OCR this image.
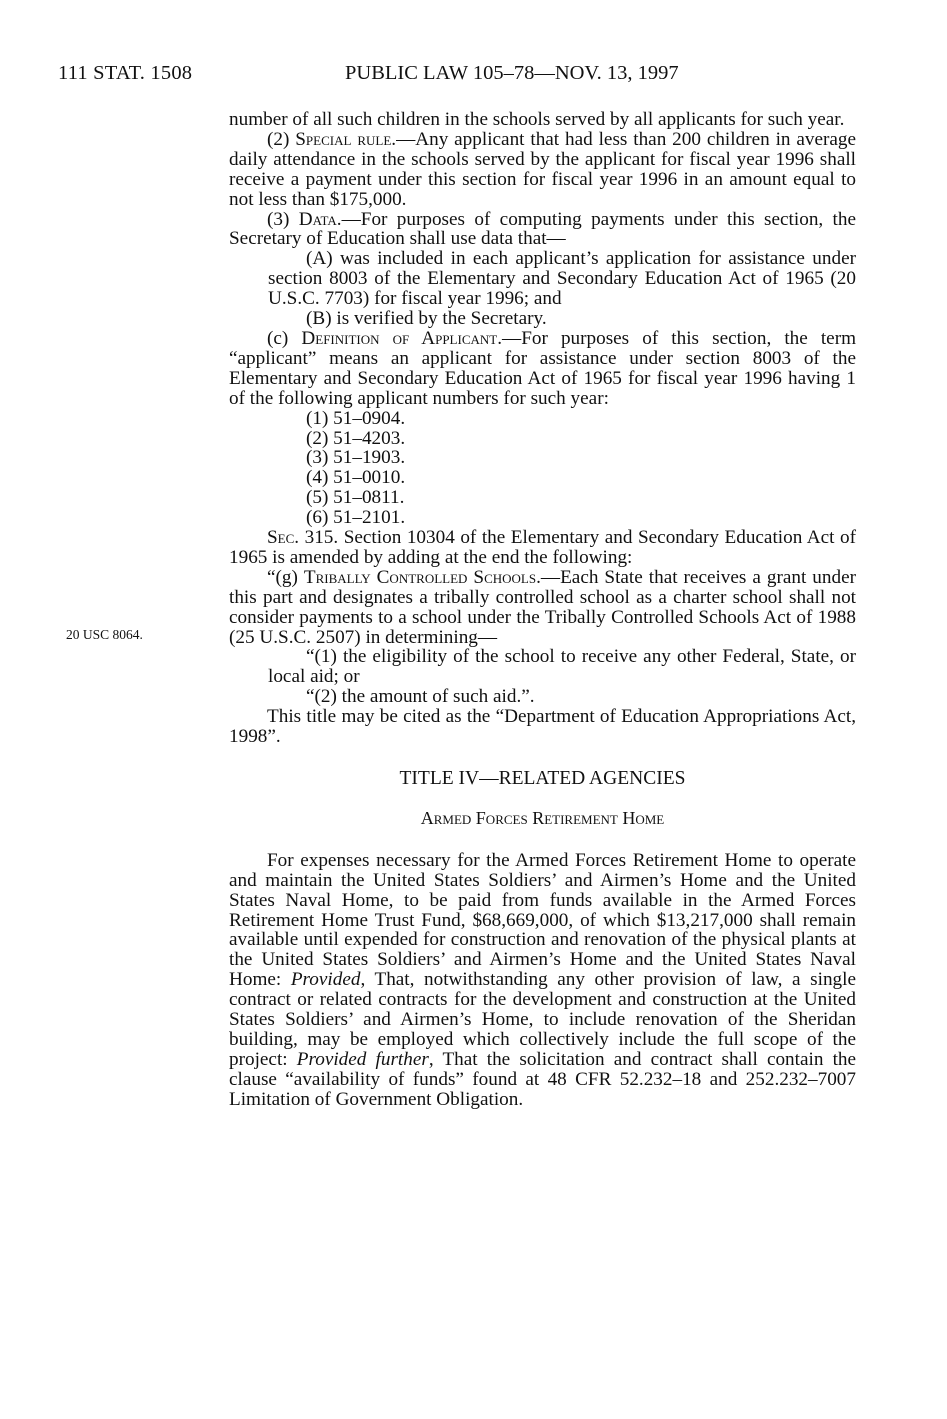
111 STAT. 1508	PUBLIC LAW 105–78—NOV. 13, 1997
20 USC 8064.

number of all such children in the schools served by all applicants for such year.

(2) Special rule.—Any applicant that had less than 200 children in average daily attendance in the schools served by the applicant for fiscal year 1996 shall receive a payment under this section for fiscal year 1996 in an amount equal to not less than $175,000.

(3) Data.—For purposes of computing payments under this section, the Secretary of Education shall use data that—

(A) was included in each applicant’s application for assistance under section 8003 of the Elementary and Secondary Education Act of 1965 (20 U.S.C. 7703) for fiscal year 1996; and

(B) is verified by the Secretary.

(c) Definition of Applicant.—For purposes of this section, the term “applicant” means an applicant for assistance under section 8003 of the Elementary and Secondary Education Act of 1965 for fiscal year 1996 having 1 of the following applicant numbers for such year:

(1) 51–0904.

(2) 51–4203.

(3) 51–1903.

(4) 51–0010.

(5) 51–0811.

(6) 51–2101.

Sec. 315. Section 10304 of the Elementary and Secondary Education Act of 1965 is amended by adding at the end the following:

“(g) Tribally Controlled Schools.—Each State that receives a grant under this part and designates a tribally controlled school as a charter school shall not consider payments to a school under the Tribally Controlled Schools Act of 1988 (25 U.S.C. 2507) in determining—

“(1) the eligibility of the school to receive any other Federal, State, or local aid; or

“(2) the amount of such aid.”.

This title may be cited as the “Department of Education Appropriations Act, 1998”.

TITLE IV—RELATED AGENCIES

Armed Forces Retirement Home

For expenses necessary for the Armed Forces Retirement Home to operate and maintain the United States Soldiers’ and Airmen’s Home and the United States Naval Home, to be paid from funds available in the Armed Forces Retirement Home Trust Fund, $68,669,000, of which $13,217,000 shall remain available until expended for construction and renovation of the physical plants at the United States Soldiers’ and Airmen’s Home and the United States Naval Home: Provided, That, notwithstanding any other provision of law, a single contract or related contracts for the development and construction at the United States Soldiers’ and Airmen’s Home, to include renovation of the Sheridan building, may be employed which collectively include the full scope of the project: Provided further, That the solicitation and contract shall contain the clause “availability of funds” found at 48 CFR 52.232–18 and 252.232–7007 Limitation of Government Obligation.
